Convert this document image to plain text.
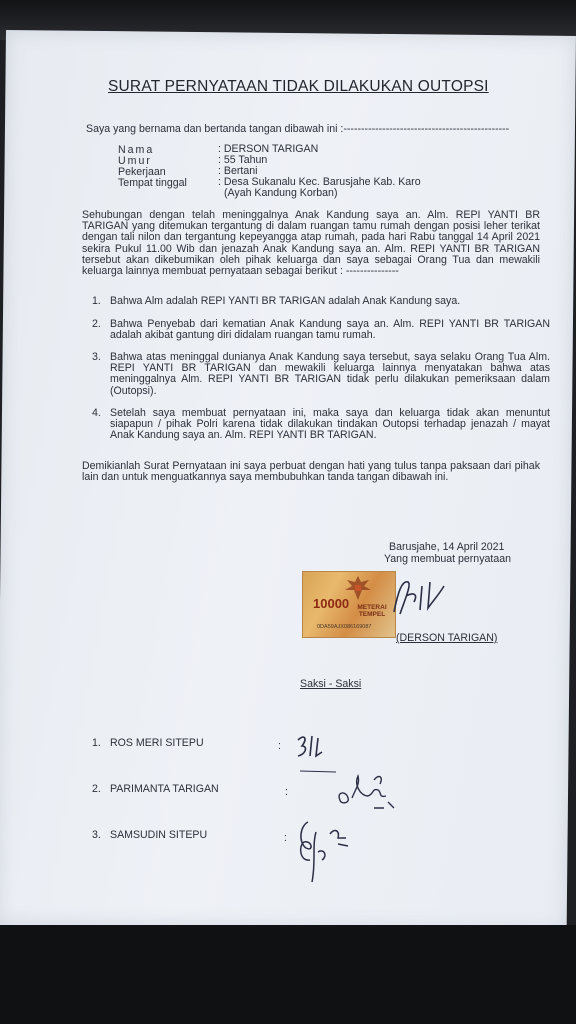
SURAT PERNYATAAN TIDAK DILAKUKAN OUTOPSI
Saya yang bernama dan bertanda tangan dibawah ini :-----------------------------------------------
Nama	: DERSON TARIGAN
Umur	: 55 Tahun
Pekerjaan	: Bertani
Tempat tinggal	: Desa Sukanalu Kec. Barusjahe Kab. Karo
(Ayah Kandung Korban)
Sehubungan dengan telah meninggalnya Anak Kandung saya an. Alm. REPI YANTI BR TARIGAN yang ditemukan tergantung di dalam ruangan tamu rumah dengan posisi leher terikat dengan tali nilon dan tergantung kepeyangga atap rumah, pada hari Rabu tanggal 14 April 2021 sekira Pukul 11.00 Wib dan jenazah Anak Kandung saya an. Alm. REPI YANTI BR TARIGAN tersebut akan dikebumikan oleh pihak keluarga dan saya sebagai Orang Tua dan mewakili keluarga lainnya membuat pernyataan sebagai berikut : ---------------
1. Bahwa Alm adalah REPI YANTI BR TARIGAN adalah Anak Kandung saya.
2. Bahwa Penyebab dari kematian Anak Kandung saya an. Alm. REPI YANTI BR TARIGAN adalah akibat gantung diri didalam ruangan tamu rumah.
3. Bahwa atas meninggal dunianya Anak Kandung saya tersebut, saya selaku Orang Tua Alm. REPI YANTI BR TARIGAN dan mewakili keluarga lainnya menyatakan bahwa atas meninggalnya Alm. REPI YANTI BR TARIGAN tidak perlu dilakukan pemeriksaan dalam (Outopsi).
4. Setelah saya membuat pernyataan ini, maka saya dan keluarga tidak akan menuntut siapapun / pihak Polri karena tidak dilakukan tindakan Outopsi terhadap jenazah / mayat Anak Kandung saya an. Alm. REPI YANTI BR TARIGAN.
Demikianlah Surat Pernyataan ini saya perbuat dengan hati yang tulus tanpa paksaan dari pihak lain dan untuk menguatkannya saya membubuhkan tanda tangan dibawah ini.
Barusjahe, 14 April 2021
Yang membuat pernyataan
10000	METERAI TEMPEL
0DA59AJX086169087
(DERSON TARIGAN)
Saksi - Saksi
1. ROS MERI SITEPU	:
2. PARIMANTA TARIGAN	:
3. SAMSUDIN SITEPU	:
